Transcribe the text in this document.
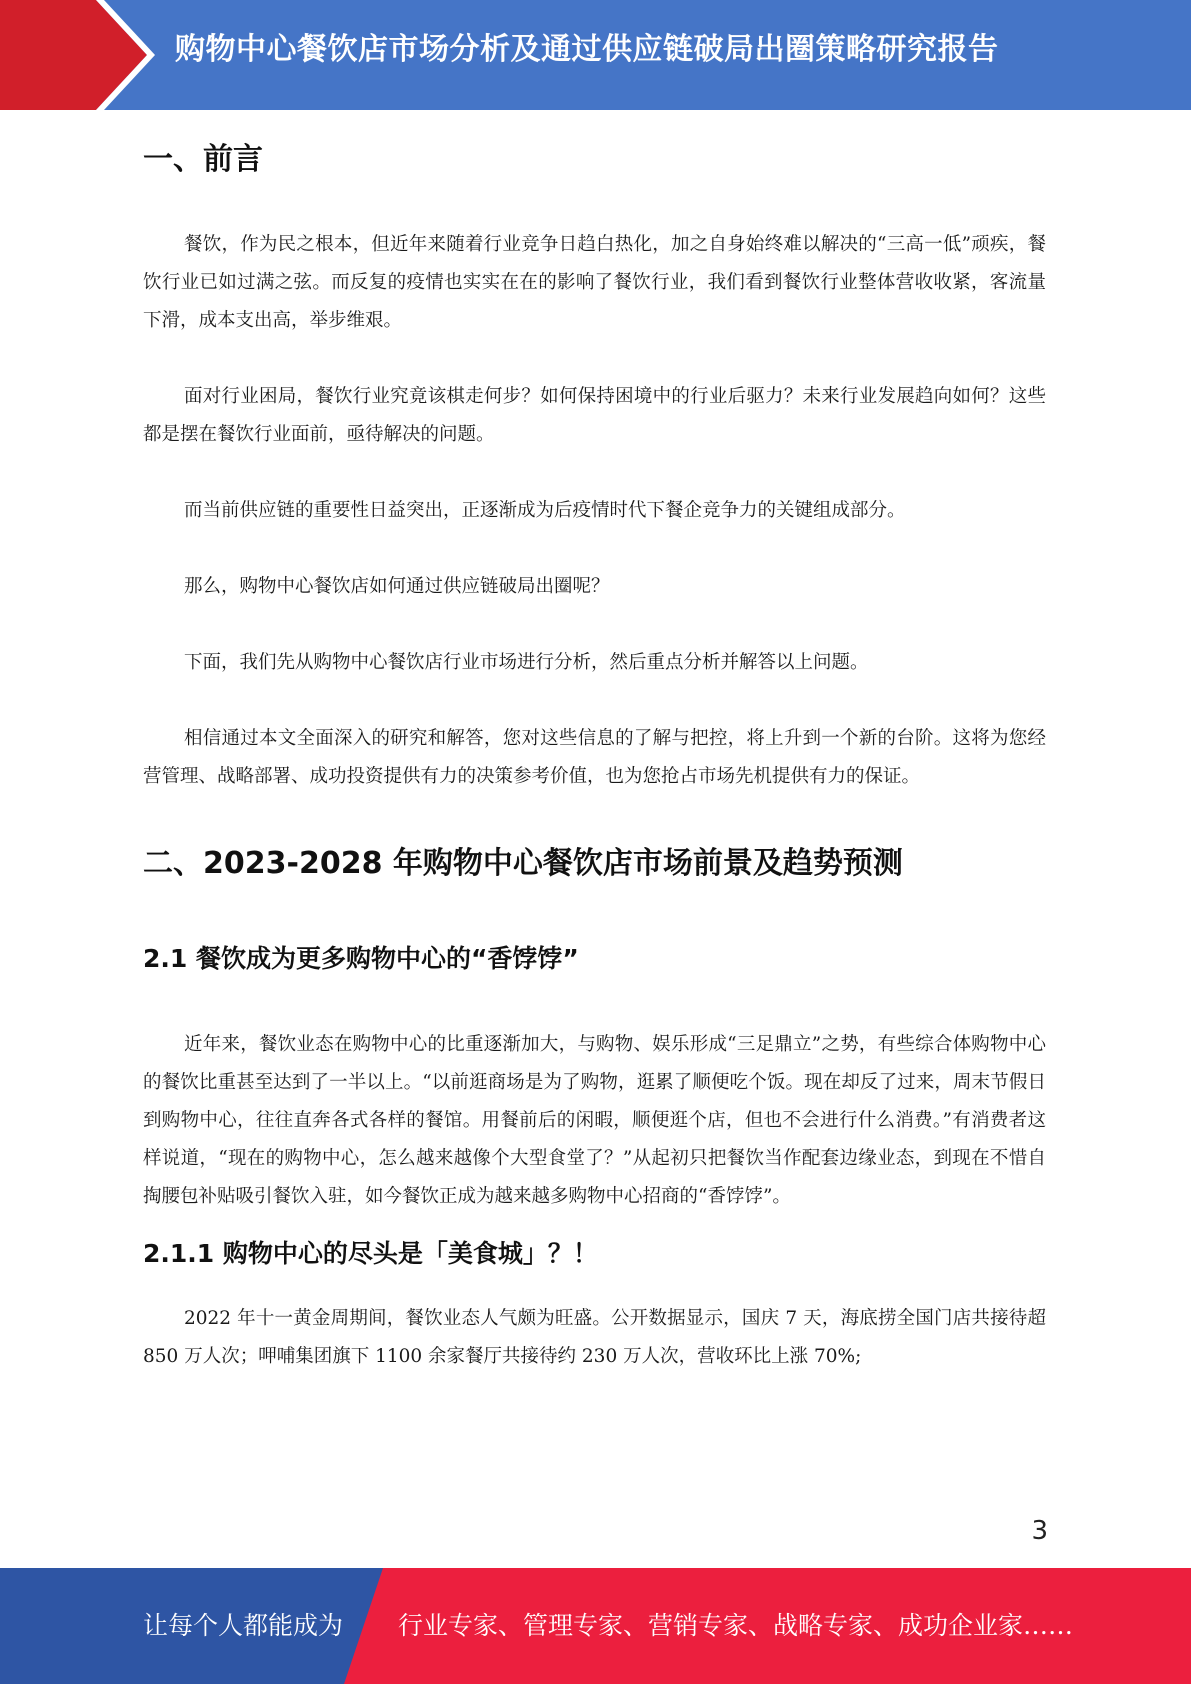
购物中心餐饮店市场分析及通过供应链破局出圈策略研究报告
一、前言

餐饮，作为民之根本，但近年来随着行业竞争日趋白热化，加之自身始终难以解决的“三高一低”顽疾，餐饮行业已如过满之弦。而反复的疫情也实实在在的影响了餐饮行业，我们看到餐饮行业整体营收收紧，客流量下滑，成本支出高，举步维艰。

面对行业困局，餐饮行业究竟该棋走何步？如何保持困境中的行业后驱力？未来行业发展趋向如何？这些都是摆在餐饮行业面前，亟待解决的问题。

而当前供应链的重要性日益突出，正逐渐成为后疫情时代下餐企竞争力的关键组成部分。

那么，购物中心餐饮店如何通过供应链破局出圈呢？

下面，我们先从购物中心餐饮店行业市场进行分析，然后重点分析并解答以上问题。

相信通过本文全面深入的研究和解答，您对这些信息的了解与把控，将上升到一个新的台阶。这将为您经营管理、战略部署、成功投资提供有力的决策参考价值，也为您抢占市场先机提供有力的保证。

二、2023-2028 年购物中心餐饮店市场前景及趋势预测
2.1 餐饮成为更多购物中心的“香饽饽”

近年来，餐饮业态在购物中心的比重逐渐加大，与购物、娱乐形成“三足鼎立”之势，有些综合体购物中心的餐饮比重甚至达到了一半以上。“以前逛商场是为了购物，逛累了顺便吃个饭。现在却反了过来，周末节假日到购物中心，往往直奔各式各样的餐馆。用餐前后的闲暇，顺便逛个店，但也不会进行什么消费。”有消费者这样说道，“现在的购物中心，怎么越来越像个大型食堂了？”从起初只把餐饮当作配套边缘业态，到现在不惜自掏腰包补贴吸引餐饮入驻，如今餐饮正成为越来越多购物中心招商的“香饽饽”。

2.1.1 购物中心的尽头是「美食城」？！

2022 年十一黄金周期间，餐饮业态人气颇为旺盛。公开数据显示，国庆 7 天，海底捞全国门店共接待超 850 万人次；呷哺集团旗下 1100 余家餐厅共接待约 230 万人次，营收环比上涨 70%;

3
让每个人都能成为 行业专家、管理专家、营销专家、战略专家、成功企业家……
